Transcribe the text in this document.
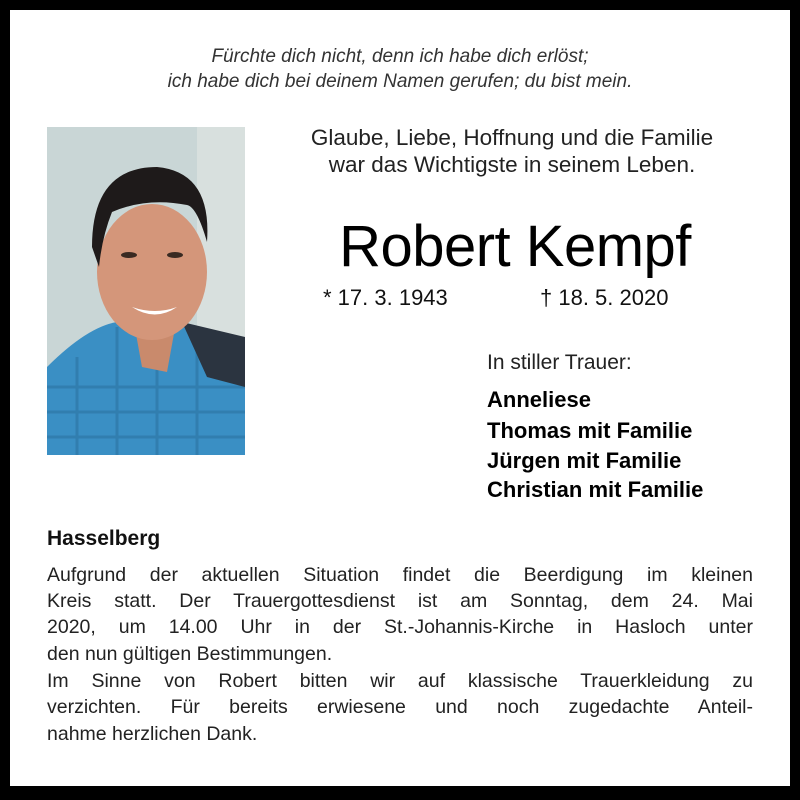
Fürchte dich nicht, denn ich habe dich erlöst;
ich habe dich bei deinem Namen gerufen; du bist mein.
Glaube, Liebe, Hoffnung und die Familie
war das Wichtigste in seinem Leben.
Robert Kempf
* 17. 3. 1943	† 18. 5. 2020
In stiller Trauer:
Anneliese
Thomas mit Familie
Jürgen mit Familie
Christian mit Familie
Hasselberg
Aufgrund der aktuellen Situation findet die Beerdigung im kleinen
Kreis statt. Der Trauergottesdienst ist am Sonntag, dem 24. Mai
2020, um 14.00 Uhr in der St.-Johannis-Kirche in Hasloch unter
den nun gültigen Bestimmungen.
Im Sinne von Robert bitten wir auf klassische Trauerkleidung zu
verzichten. Für bereits erwiesene und noch zugedachte Anteil-
nahme herzlichen Dank.
